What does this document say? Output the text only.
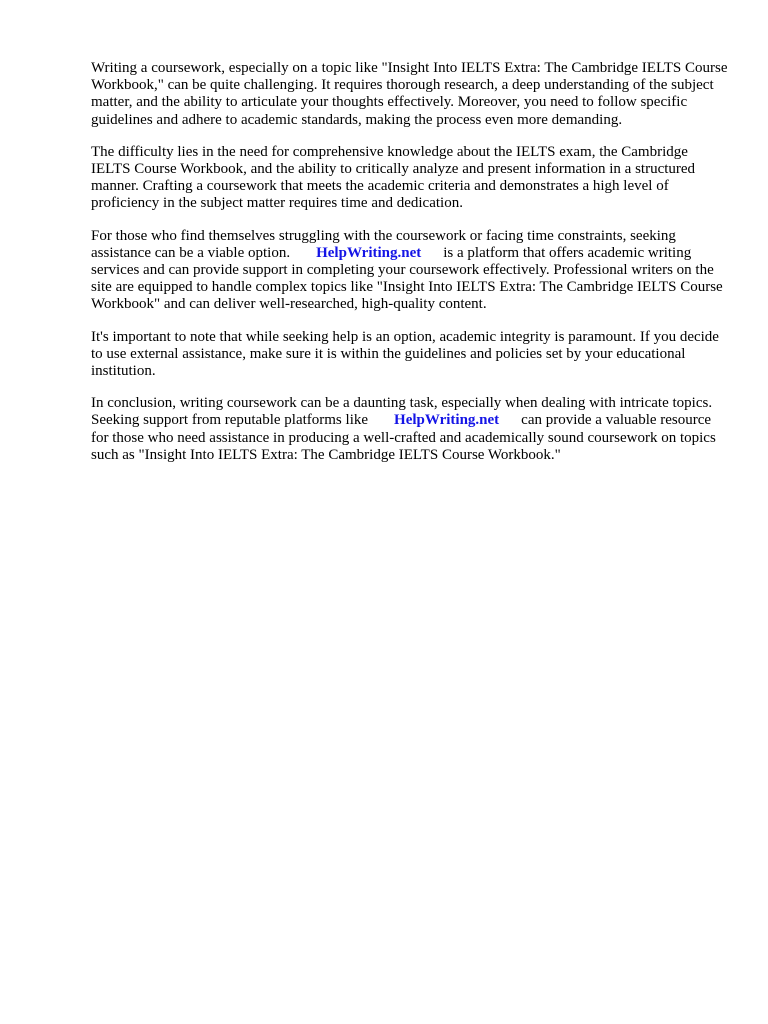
Writing a coursework, especially on a topic like "Insight Into IELTS Extra: The Cambridge IELTS Course Workbook," can be quite challenging. It requires thorough research, a deep understanding of the subject matter, and the ability to articulate your thoughts effectively. Moreover, you need to follow specific guidelines and adhere to academic standards, making the process even more demanding.

The difficulty lies in the need for comprehensive knowledge about the IELTS exam, the Cambridge IELTS Course Workbook, and the ability to critically analyze and present information in a structured manner. Crafting a coursework that meets the academic criteria and demonstrates a high level of proficiency in the subject matter requires time and dedication.

For those who find themselves struggling with the coursework or facing time constraints, seeking assistance can be a viable option. HelpWriting.net is a platform that offers academic writing services and can provide support in completing your coursework effectively. Professional writers on the site are equipped to handle complex topics like "Insight Into IELTS Extra: The Cambridge IELTS Course Workbook" and can deliver well-researched, high-quality content.

It's important to note that while seeking help is an option, academic integrity is paramount. If you decide to use external assistance, make sure it is within the guidelines and policies set by your educational institution.

In conclusion, writing coursework can be a daunting task, especially when dealing with intricate topics. Seeking support from reputable platforms like HelpWriting.net can provide a valuable resource for those who need assistance in producing a well-crafted and academically sound coursework on topics such as "Insight Into IELTS Extra: The Cambridge IELTS Course Workbook."
